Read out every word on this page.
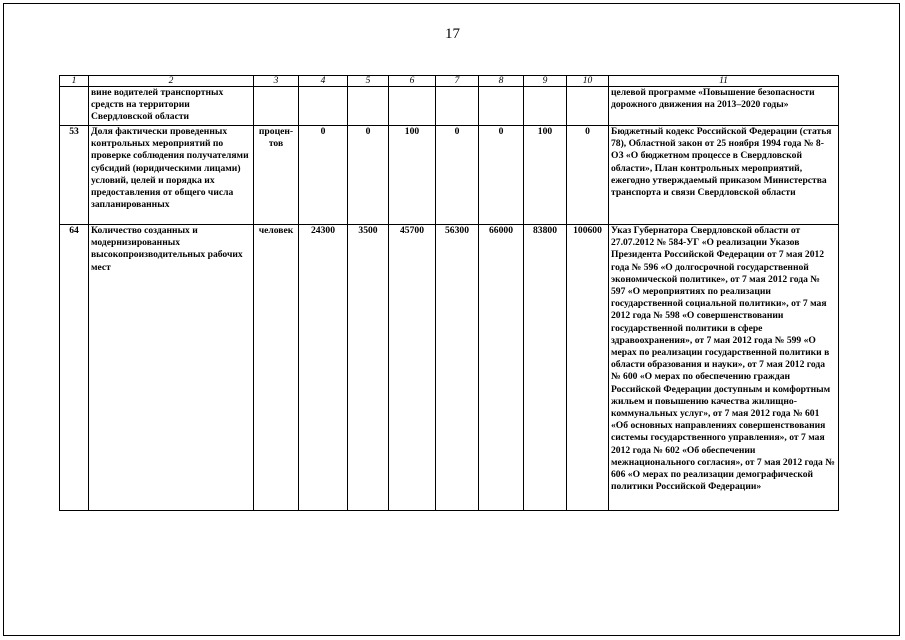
17
1	2	3	4	5	6	7	8	9	10	11
	вине водителей транспортных средств на территории Свердловской области									целевой программе «Повышение безопасности дорожного движения на 2013–2020 годы»
53	Доля фактически проведенных контрольных мероприятий по проверке соблюдения получателями субсидий (юридическими лицами) условий, целей и порядка их предоставления от общего числа запланированных	процен-тов	0	0	100	0	0	100	0	Бюджетный кодекс Российской Федерации (статья 78), Областной закон от 25 ноября 1994 года № 8-ОЗ «О бюджетном процессе в Свердловской области», План контрольных мероприятий, ежегодно утверждаемый приказом Министерства транспорта и связи Свердловской области
64	Количество созданных и модернизированных высокопроизводительных рабочих мест	человек	24300	3500	45700	56300	66000	83800	100600	Указ Губернатора Свердловской области от 27.07.2012 № 584-УГ «О реализации Указов Президента Российской Федерации от 7 мая 2012 года № 596 «О долгосрочной государственной экономической политике», от 7 мая 2012 года № 597 «О мероприятиях по реализации государственной социальной политики», от 7 мая 2012 года № 598 «О совершенствовании государственной политики в сфере здравоохранения», от 7 мая 2012 года № 599 «О мерах по реализации государственной политики в области образования и науки», от 7 мая 2012 года № 600 «О мерах по обеспечению граждан Российской Федерации доступным и комфортным жильем и повышению качества жилищно-коммунальных услуг», от 7 мая 2012 года № 601 «Об основных направлениях совершенствования системы государственного управления», от 7 мая 2012 года № 602 «Об обеспечении межнационального согласия», от 7 мая 2012 года № 606 «О мерах по реализации демографической политики Российской Федерации»
